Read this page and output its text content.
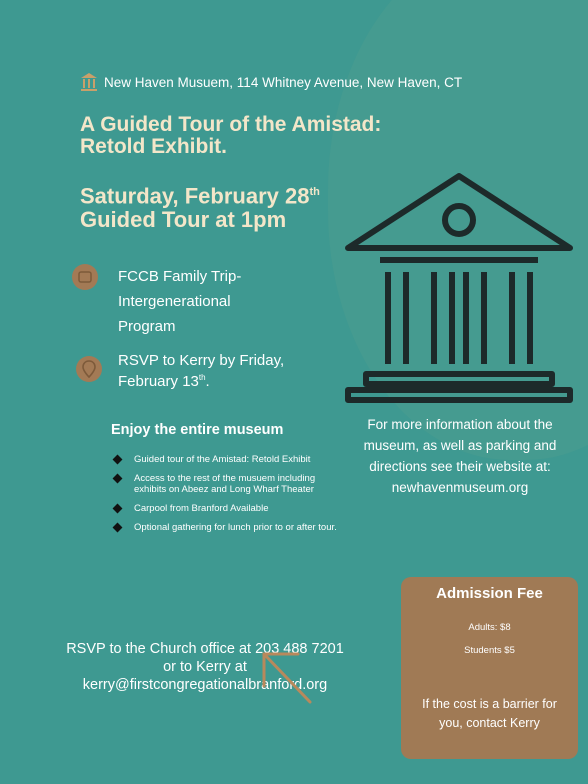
New Haven Musuem, 114 Whitney Avenue, New Haven, CT
A Guided Tour of the Amistad: Retold Exhibit.
Saturday, February 28th
Guided Tour at 1pm
FCCB Family Trip-Intergenerational Program
RSVP to Kerry by Friday, February 13th.
Enjoy the entire museum
Guided tour of the Amistad: Retold Exhibit
Access to the rest of the musuem including exhibits on Abeez and Long Wharf Theater
Carpool from Branford Available
Optional gathering for lunch prior to or after tour.
For more information about the museum, as well as parking and directions see their website at: newhavenmuseum.org
RSVP to the Church office at 203 488 7201
or to Kerry at
kerry@firstcongregationalbranford.org
Admission Fee
Adults: $8
Students $5
If the cost is a barrier for you, contact Kerry
